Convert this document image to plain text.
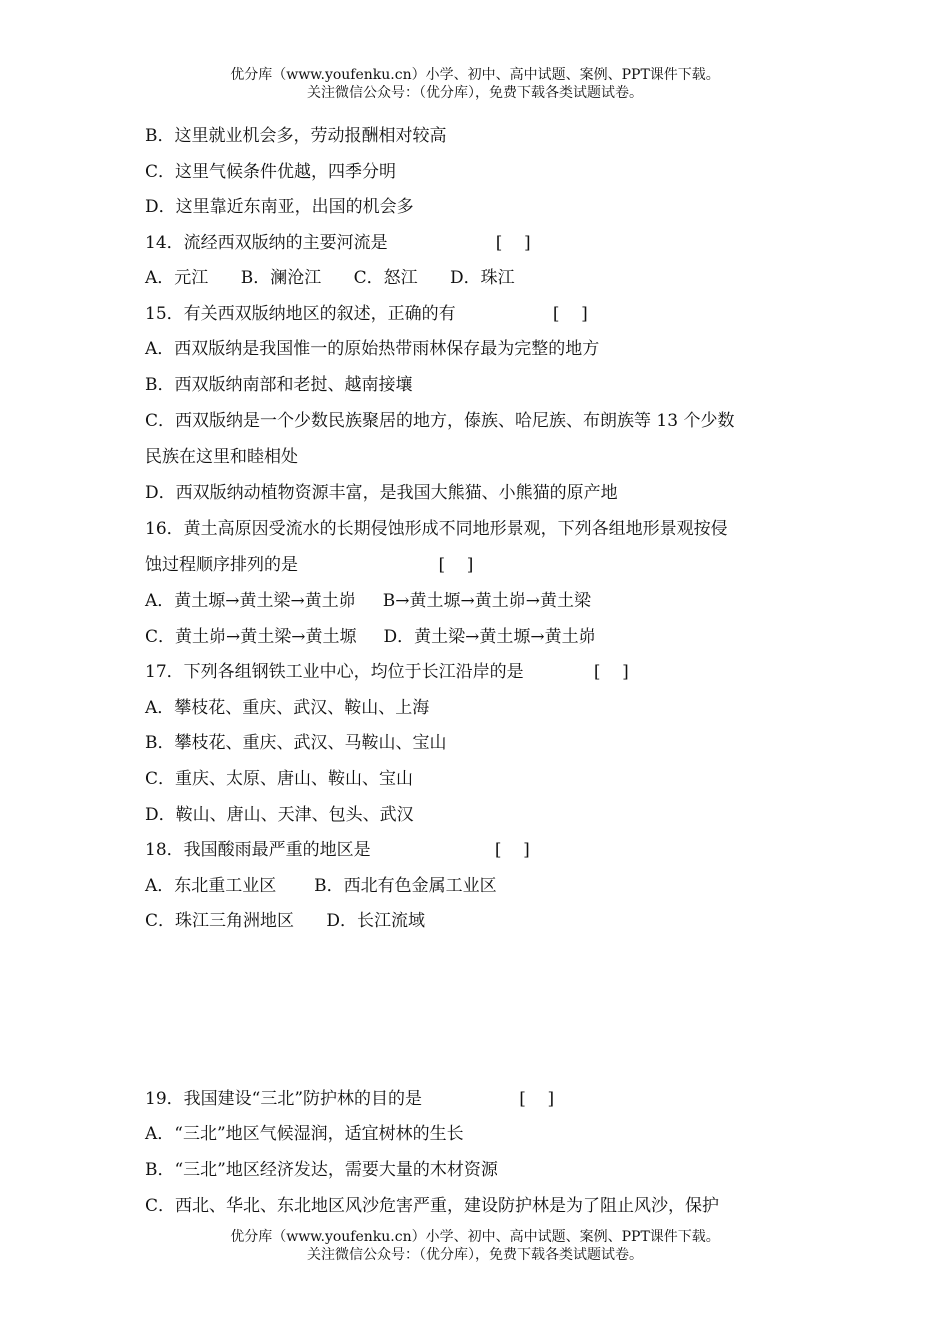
优分库（www.youfenku.cn）小学、初中、高中试题、案例、PPT课件下载。
关注微信公众号：（优分库），免费下载各类试题试卷。
B．这里就业机会多，劳动报酬相对较高
C．这里气候条件优越，四季分明
D．这里靠近东南亚，出国的机会多
14．流经西双版纳的主要河流是                    [    ]
A．元江      B．澜沧江      C．怒江      D．珠江
15．有关西双版纳地区的叙述，正确的有                  [    ]
A．西双版纳是我国惟一的原始热带雨林保存最为完整的地方
B．西双版纳南部和老挝、越南接壤
C．西双版纳是一个少数民族聚居的地方，傣族、哈尼族、布朗族等 13 个少数
民族在这里和睦相处
D．西双版纳动植物资源丰富，是我国大熊猫、小熊猫的原产地
16．黄土高原因受流水的长期侵蚀形成不同地形景观，下列各组地形景观按侵
蚀过程顺序排列的是                          [    ]
A．黄土塬→黄土梁→黄土峁     B→黄土塬→黄土峁→黄土梁
C．黄土峁→黄土梁→黄土塬     D．黄土梁→黄土塬→黄土峁
17．下列各组钢铁工业中心，均位于长江沿岸的是             [    ]
A．攀枝花、重庆、武汉、鞍山、上海
B．攀枝花、重庆、武汉、马鞍山、宝山
C．重庆、太原、唐山、鞍山、宝山
D．鞍山、唐山、天津、包头、武汉
18．我国酸雨最严重的地区是                       [    ]
A．东北重工业区       B．西北有色金属工业区
C．珠江三角洲地区      D．长江流域
19．我国建设“三北”防护林的目的是                  [    ]
A．“三北”地区气候湿润，适宜树林的生长
B．“三北”地区经济发达，需要大量的木材资源
C．西北、华北、东北地区风沙危害严重，建设防护林是为了阻止风沙，保护
优分库（www.youfenku.cn）小学、初中、高中试题、案例、PPT课件下载。
关注微信公众号：（优分库），免费下载各类试题试卷。
